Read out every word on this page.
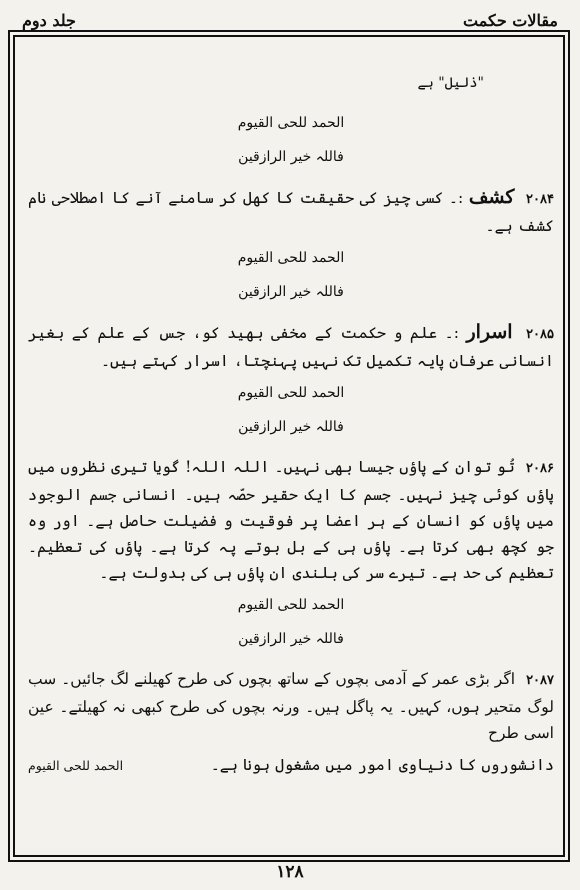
مقالات حکمت
جلد دوم
"ذلیل" ہے
الحمد للحی القیوم
فاللہ خیر الرازقین
۲۰۸۴ کشف :۔ کسی چیز کی حقیقت کا کھل کر سامنے آنے کا اصطلاحی نام کشف ہے۔
الحمد للحی القیوم
فاللہ خیر الرازقین
۲۰۸۵ اسرار :۔ علم و حکمت کے مخفی بھید کو، جس کے علم کے بغیر انسانی عرفان پایہ تکمیل تک نہیں پہنچتا، اسرار کہتے ہیں۔
الحمد للحی القیوم
فاللہ خیر الرازقین
۲۰۸۶ تُو توان کے پاؤں جیسا بھی نہیں۔ اللہ اللہ! گویا تیری نظروں میں پاؤں کوئی چیز نہیں۔ جسم کا ایک حقیر حصّہ ہیں۔ انسانی جسم الوجود میں پاؤں کو انسان کے ہر اعضا پر فوقیت و فضیلت حاصل ہے۔ اور وہ جو کچھ بھی کرتا ہے۔ پاؤں ہی کے بل بوتے پہ کرتا ہے۔ پاؤں کی تعظیم۔ تعظیم کی حد ہے۔ تیرے سر کی بلندی ان پاؤں ہی کی بدولت ہے۔
الحمد للحی القیوم
فاللہ خیر الرازقین
۲۰۸۷ اگر بڑی عمر کے آدمی بچوں کے ساتھ بچوں کی طرح کھیلنے لگ جائیں۔ سب لوگ متحیر ہوں، کہیں۔ یہ پاگل ہیں۔ ورنہ بچوں کی طرح کبھی نہ کھیلتے۔ عین اسی طرح
دانشوروں کا دنیاوی امور میں مشغول ہونا ہے۔
الحمد للحی القیوم
۱۲۸
